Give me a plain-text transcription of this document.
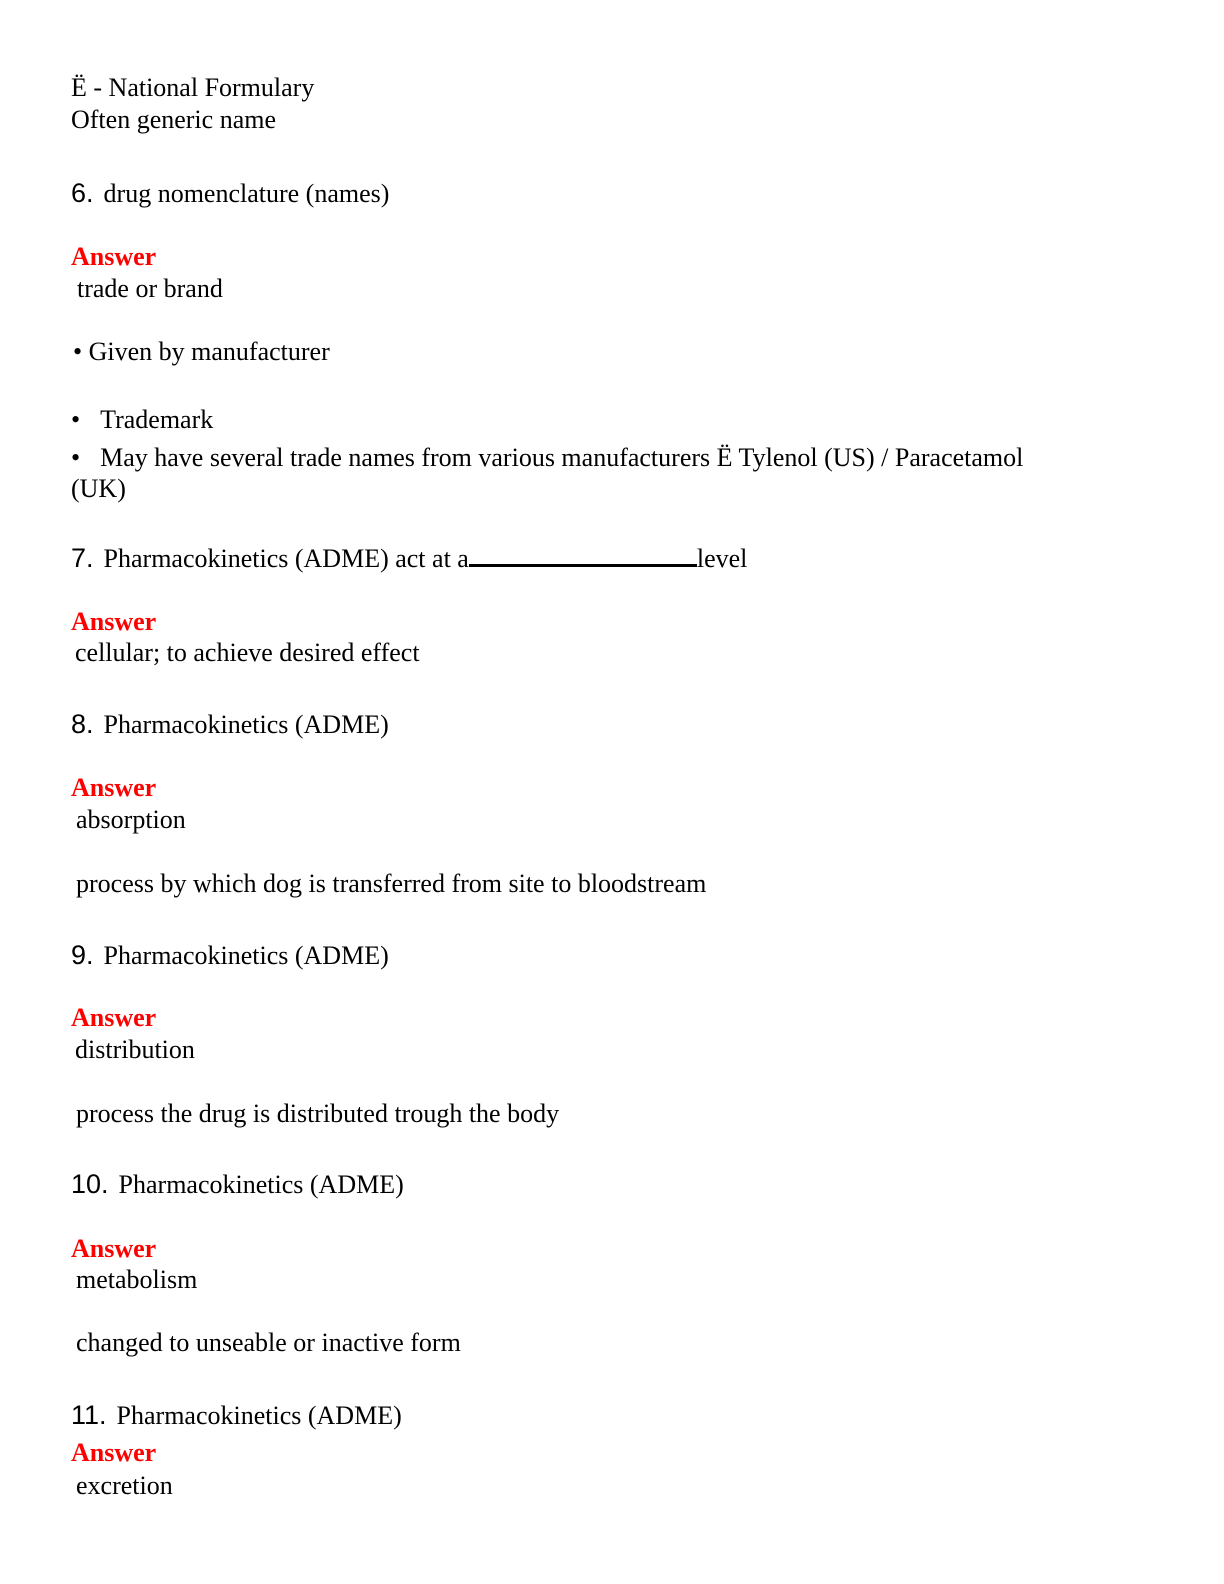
Ë - National Formulary
Often generic name
6. drug nomenclature (names)
Answer
trade or brand
• Given by manufacturer
• Trademark
• May have several trade names from various manufacturers Ë Tylenol (US) / Paracetamol
(UK)
7. Pharmacokinetics (ADME) act at a	level
Answer
cellular; to achieve desired effect
8. Pharmacokinetics (ADME)
Answer
absorption
process by which dog is transferred from site to bloodstream
9. Pharmacokinetics (ADME)
Answer
distribution
process the drug is distributed trough the body
10. Pharmacokinetics (ADME)
Answer
metabolism
changed to unseable or inactive form
11. Pharmacokinetics (ADME)
Answer
excretion
